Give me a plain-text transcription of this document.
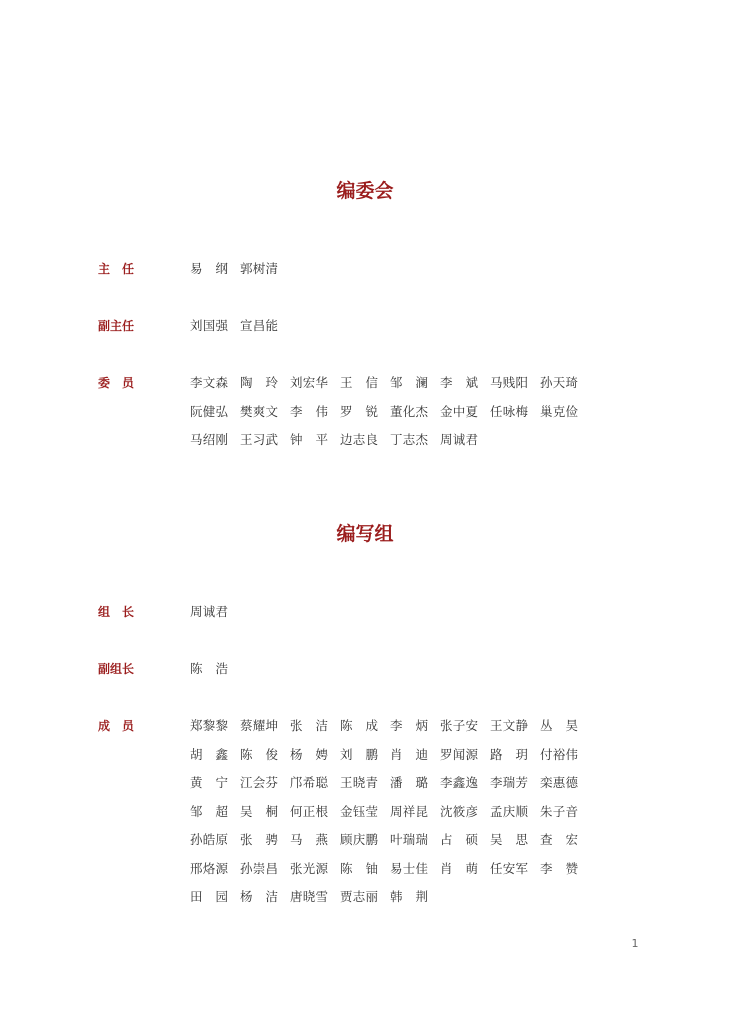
编委会
主　任	易　纲 郭树清
副主任	刘国强 宣昌能
委　员	李文森 陶　玲 刘宏华 王　信 邹　澜 李　斌 马贱阳 孙天琦
阮健弘 樊爽文 李　伟 罗　锐 董化杰 金中夏 任咏梅 巢克俭
马绍刚 王习武 钟　平 边志良 丁志杰 周诚君
编写组
组　长	周诚君
副组长	陈　浩
成　员	郑黎黎 蔡耀坤 张　洁 陈　成 李　炳 张子安 王文静 丛　昊
胡　鑫 陈　俊 杨　娉 刘　鹏 肖　迪 罗闻源 路　玥 付裕伟
黄　宁 江会芬 邝希聪 王晓青 潘　璐 李鑫逸 李瑞芳 栾惠德
邹　超 吴　桐 何正根 金钰莹 周祥昆 沈筱彦 孟庆顺 朱子音
孙皓原 张　骋 马　燕 顾庆鹏 叶瑞瑞 占　硕 吴　思 查　宏
邢烙源 孙崇昌 张光源 陈　铀 易士佳 肖　萌 任安军 李　赞
田　园 杨　洁 唐晓雪 贾志丽 韩　荆
1
